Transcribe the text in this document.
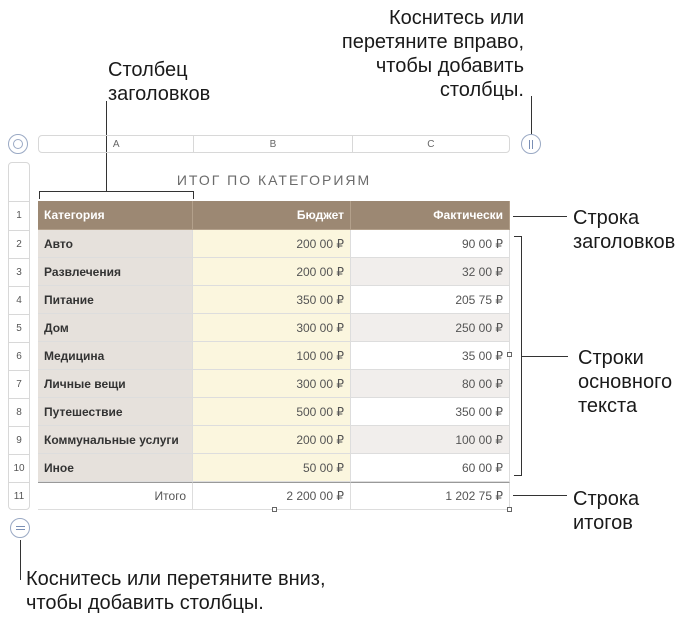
Столбец
заголовков
Коснитесь или
перетяните вправо,
чтобы добавить
столбцы.
Строка
заголовков
Строки
основного
текста
Строка
итогов
Коснитесь или перетяните вниз,
чтобы добавить столбцы.
A	B	C
1
2
3
4
5
6
7
8
9
10
11
ИТОГ ПО КАТЕГОРИЯМ
Категория	Бюджет	Фактически
Авто	200 00 ₽	90 00 ₽
Развлечения	200 00 ₽	32 00 ₽
Питание	350 00 ₽	205 75 ₽
Дом	300 00 ₽	250 00 ₽
Медицина	100 00 ₽	35 00 ₽
Личные вещи	300 00 ₽	80 00 ₽
Путешествие	500 00 ₽	350 00 ₽
Коммунальные услуги	200 00 ₽	100 00 ₽
Иное	50 00 ₽	60 00 ₽
Итого	2 200 00 ₽	1 202 75 ₽
